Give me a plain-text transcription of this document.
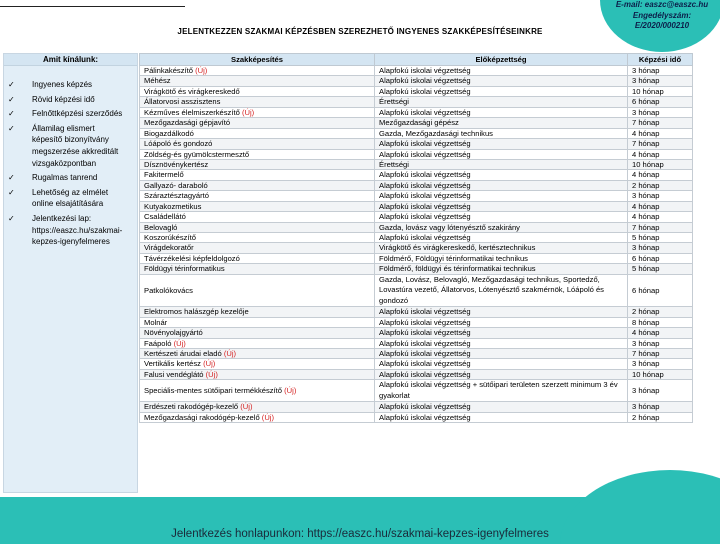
E-mail: easzc@easzc.hu
Engedélyszám:
E/2020/000210
JELENTKEZZEN SZAKMAI KÉPZÉSBEN SZEREZHETŐ INGYENES SZAKKÉPESÍTÉSEINKRE
Amit kínálunk:
✓	Ingyenes képzés
✓	Rövid képzési idő
✓	Felnőttképzési szerződés
✓	Államilag elismert
képesítő bizonyítvány
megszerzése akkreditált
vizsgaközpontban
✓	Rugalmas tanrend
✓	Lehetőség az elmélet
online elsajátítására
✓	Jelentkezési lap:
https://easzc.hu/szakmai-
kepzes-igenyfelmeres
Szakképesítés	Előképzettség	Képzési idő
Pálinkakészítő (Új)	Alapfokú iskolai végzettség	3 hónap
Méhész	Alapfokú iskolai végzettség	3 hónap
Virágkötő és virágkereskedő	Alapfokú iskolai végzettség	10 hónap
Állatorvosi asszisztens	Érettségi	6 hónap
Kézműves élelmiszerkészítő (Új)	Alapfokú iskolai végzettség	3 hónap
Mezőgazdasági gépjavító	Mezőgazdasági gépész	7 hónap
Biogazdálkodó	Gazda, Mezőgazdasági technikus	4 hónap
Lóápoló és gondozó	Alapfokú iskolai végzettség	7 hónap
Zöldség-és gyümölcstermesztő	Alapfokú iskolai végzettség	4 hónap
Dísznövénykertész	Érettségi	10 hónap
Fakitermelő	Alapfokú iskolai végzettség	4 hónap
Gallyazó- daraboló	Alapfokú iskolai végzettség	2 hónap
Száraztésztagyártó	Alapfokú iskolai végzettség	3 hónap
Kutyakozmetikus	Alapfokú iskolai végzettség	4 hónap
Családellátó	Alapfokú iskolai végzettség	4 hónap
Belovagló	Gazda, lovász vagy lótenyésztő szakirány	7 hónap
Koszorúkészítő	Alapfokú iskolai végzettség	5 hónap
Virágdekoratőr	Virágkötő és virágkereskedő, kertésztechnikus	3 hónap
Távérzékelési képfeldolgozó	Földmérő, Földügyi térinformatikai technikus	6 hónap
Földügyi térinformatikus	Földmérő, földügyi és térinformatikai technikus	5 hónap
Patkolókovács	Gazda, Lovász, Belovagló, Mezőgazdasági technikus, Sportedző, Lovastúra vezető, Állatorvos, Lótenyésztő szakmérnök, Lóápoló és gondozó	6 hónap
Elektromos halászgép kezelője	Alapfokú iskolai végzettség	2 hónap
Molnár	Alapfokú iskolai végzettség	8 hónap
Növényolajgyártó	Alapfokú iskolai végzettség	4 hónap
Faápoló (Új)	Alapfokú iskolai végzettség	3 hónap
Kertészeti árudai eladó (Új)	Alapfokú iskolai végzettség	7 hónap
Vertikális kertész (Új)	Alapfokú iskolai végzettség	3 hónap
Falusi vendéglátó (Új)	Alapfokú iskolai végzettség	10 hónap
Speciális-mentes sütőipari termékkészítő (Új)	Alapfokú iskolai végzettség + sütőipari területen szerzett minimum 3 év gyakorlat	3 hónap
Erdészeti rakodógép-kezelő (Új)	Alapfokú iskolai végzettség	3 hónap
Mezőgazdasági rakodógép-kezelő (Új)	Alapfokú iskolai végzettség	2 hónap
Jelentkezés honlapunkon: https://easzc.hu/szakmai-kepzes-igenyfelmeres
